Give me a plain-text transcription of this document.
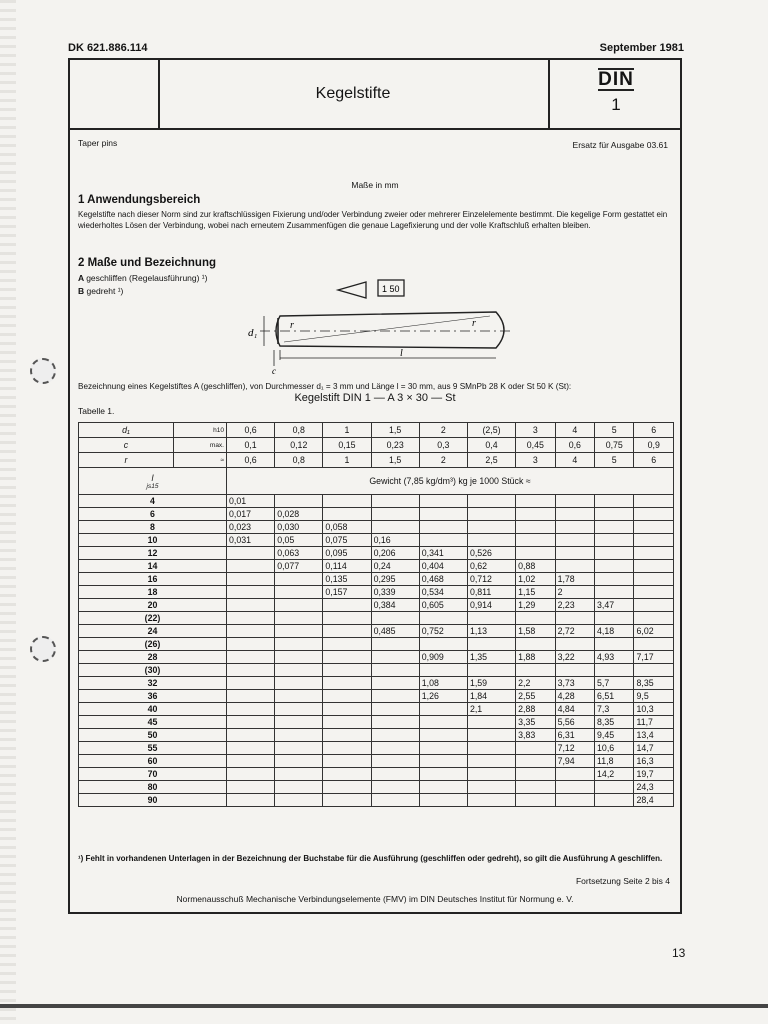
DK 621.886.114	September 1981
Kegelstifte
DIN
1
Taper pins	Ersatz für Ausgabe 03.61
Maße in mm
1 Anwendungsbereich
Kegelstifte nach dieser Norm sind zur kraftschlüssigen Fixierung und/oder Verbindung zweier oder mehrerer Einzelelemente bestimmt. Die kegelige Form gestattet ein wiederholtes Lösen der Verbindung, wobei nach erneutem Zusammenfügen die genaue Lagefixierung und der volle Kraftschluß erhalten bleiben.
2 Maße und Bezeichnung
A geschliffen (Regelausführung) ¹)
B gedreht ¹)	1 50
d₁
r	r
l
c
Bezeichnung eines Kegelstiftes A (geschliffen), von Durchmesser d₁ = 3 mm und Länge l = 30 mm, aus 9 SMnPb 28 K oder St 50 K (St):
Kegelstift DIN 1 — A 3 × 30 — St
Tabelle 1.
d₁	h10	0,6	0,8	1	1,5	2	(2,5)	3	4	5	6
c	max.	0,1	0,12	0,15	0,23	0,3	0,4	0,45	0,6	0,75	0,9
r	≈	0,6	0,8	1	1,5	2	2,5	3	4	5	6

l
js15		Gewicht (7,85 kg/dm³) kg je 1000 Stück ≈									
4		0,01									
6		0,017	0,028								
8		0,023	0,030	0,058							
10		0,031	0,05	0,075	0,16						
12			0,063	0,095	0,206	0,341	0,526				
14			0,077	0,114	0,24	0,404	0,62	0,88			
16				0,135	0,295	0,468	0,712	1,02	1,78		
18				0,157	0,339	0,534	0,811	1,15	2		
20					0,384	0,605	0,914	1,29	2,23	3,47	
(22)											
24					0,485	0,752	1,13	1,58	2,72	4,18	6,02
(26)											
28						0,909	1,35	1,88	3,22	4,93	7,17
(30)											
32						1,08	1,59	2,2	3,73	5,7	8,35
36						1,26	1,84	2,55	4,28	6,51	9,5
40							2,1	2,88	4,84	7,3	10,3
45								3,35	5,56	8,35	11,7
50								3,83	6,31	9,45	13,4
55									7,12	10,6	14,7
60									7,94	11,8	16,3
70										14,2	19,7
80											24,3
90											28,4
¹) Fehlt in vorhandenen Unterlagen in der Bezeichnung der Buchstabe für die Ausführung (geschliffen oder gedreht), so gilt die Ausführung A geschliffen.
Fortsetzung Seite 2 bis 4
Normenausschuß Mechanische Verbindungselemente (FMV) im DIN Deutsches Institut für Normung e. V.
13
